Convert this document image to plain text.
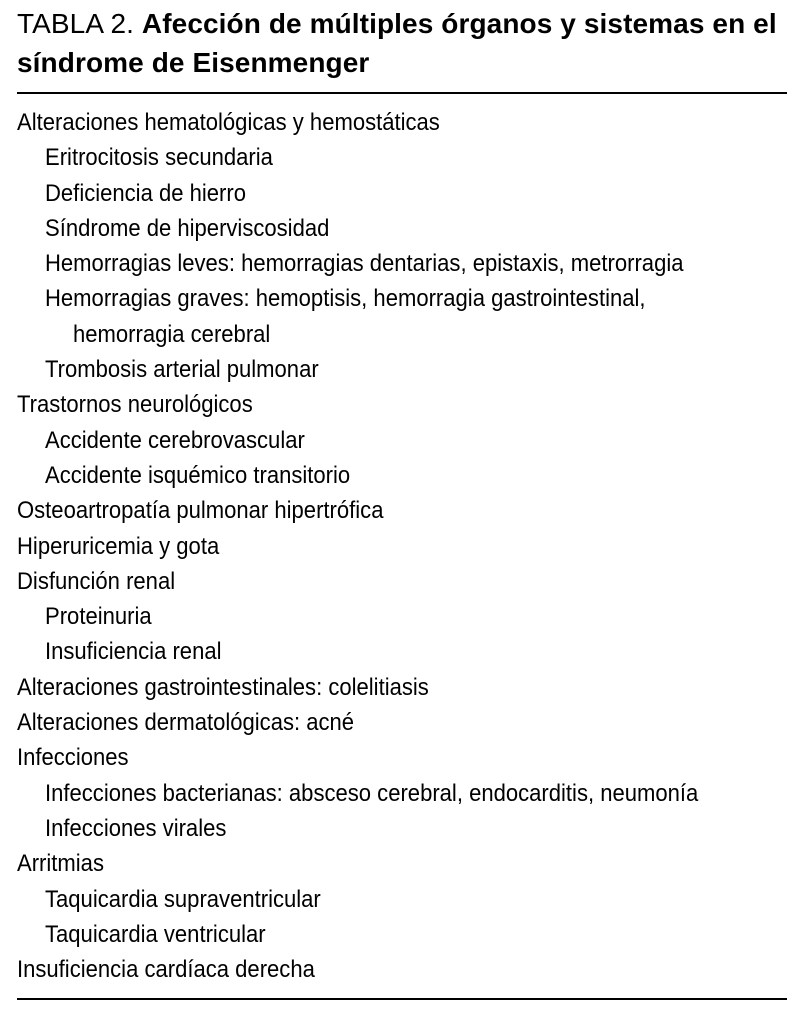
TABLA 2. Afección de múltiples órganos y sistemas en el síndrome de Eisenmenger
Alteraciones hematológicas y hemostáticas
Eritrocitosis secundaria
Deficiencia de hierro
Síndrome de hiperviscosidad
Hemorragias leves: hemorragias dentarias, epistaxis, metrorragia
Hemorragias graves: hemoptisis, hemorragia gastrointestinal,
hemorragia cerebral
Trombosis arterial pulmonar
Trastornos neurológicos
Accidente cerebrovascular
Accidente isquémico transitorio
Osteoartropatía pulmonar hipertrófica
Hiperuricemia y gota
Disfunción renal
Proteinuria
Insuficiencia renal
Alteraciones gastrointestinales: colelitiasis
Alteraciones dermatológicas: acné
Infecciones
Infecciones bacterianas: absceso cerebral, endocarditis, neumonía
Infecciones virales
Arritmias
Taquicardia supraventricular
Taquicardia ventricular
Insuficiencia cardíaca derecha
